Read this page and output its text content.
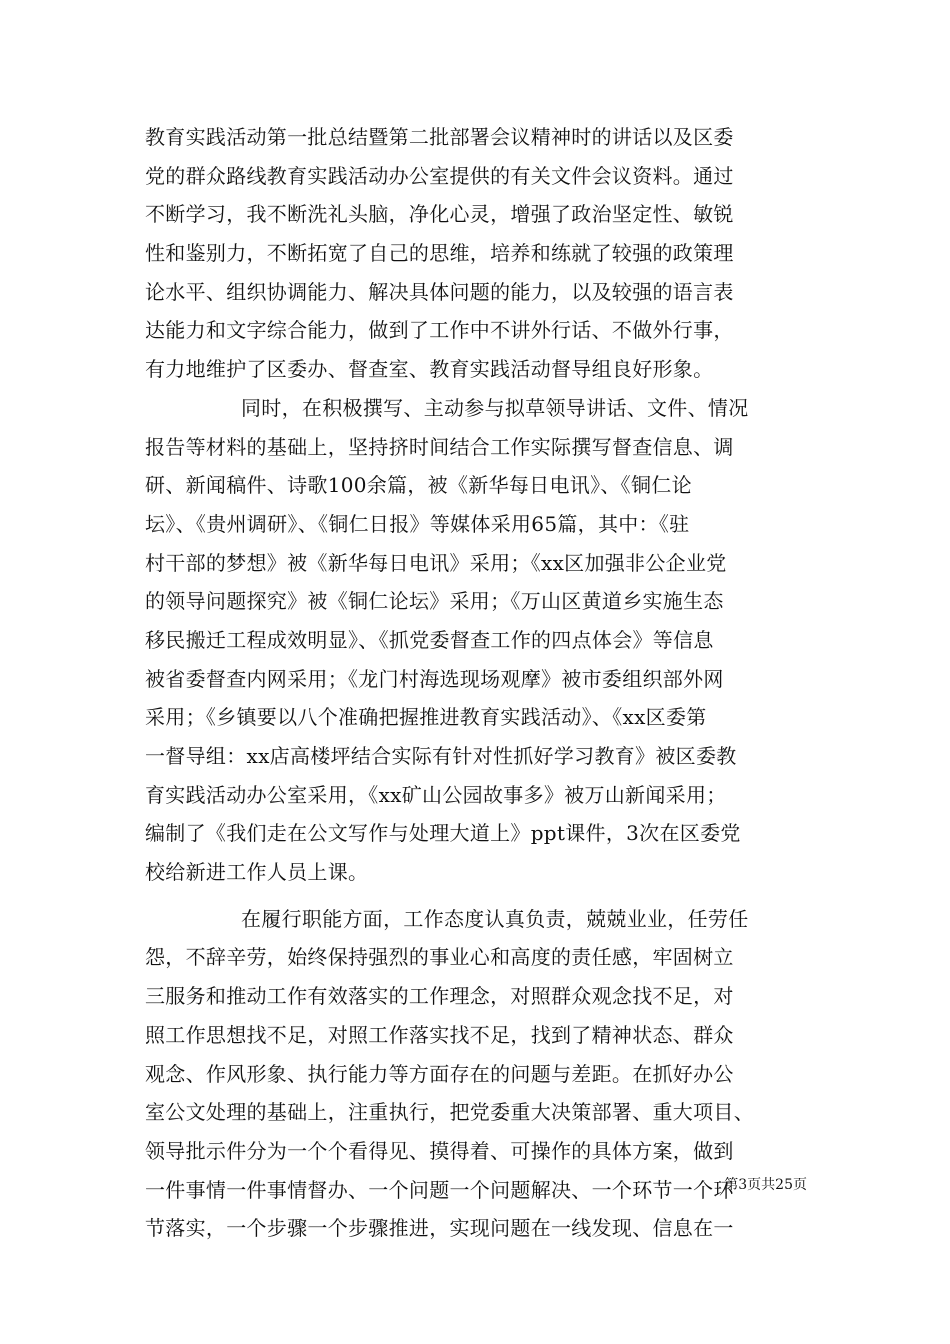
教育实践活动第一批总结暨第二批部署会议精神时的讲话以及区委
党的群众路线教育实践活动办公室提供的有关文件会议资料。通过
不断学习，我不断洗礼头脑，净化心灵，增强了政治坚定性、敏锐
性和鉴别力，不断拓宽了自己的思维，培养和练就了较强的政策理
论水平、组织协调能力、解决具体问题的能力，以及较强的语言表
达能力和文字综合能力，做到了工作中不讲外行话、不做外行事，
有力地维护了区委办、督查室、教育实践活动督导组良好形象。
同时，在积极撰写、主动参与拟草领导讲话、文件、情况
报告等材料的基础上，坚持挤时间结合工作实际撰写督查信息、调
研、新闻稿件、诗歌100余篇，被《新华每日电讯》、《铜仁论
坛》、《贵州调研》、《铜仁日报》等媒体采用65篇，其中：《驻
村干部的梦想》被《新华每日电讯》采用；《xx区加强非公企业党
的领导问题探究》被《铜仁论坛》采用；《万山区黄道乡实施生态
移民搬迁工程成效明显》、《抓党委督查工作的四点体会》等信息
被省委督查内网采用；《龙门村海选现场观摩》被市委组织部外网
采用；《乡镇要以八个准确把握推进教育实践活动》、《xx区委第
一督导组：xx店高楼坪结合实际有针对性抓好学习教育》被区委教
育实践活动办公室采用，《xx矿山公园故事多》被万山新闻采用；
编制了《我们走在公文写作与处理大道上》ppt课件，3次在区委党
校给新进工作人员上课。
在履行职能方面，工作态度认真负责，兢兢业业，任劳任
怨，不辞辛劳，始终保持强烈的事业心和高度的责任感，牢固树立
三服务和推动工作有效落实的工作理念，对照群众观念找不足，对
照工作思想找不足，对照工作落实找不足，找到了精神状态、群众
观念、作风形象、执行能力等方面存在的问题与差距。在抓好办公
室公文处理的基础上，注重执行，把党委重大决策部署、重大项目、
领导批示件分为一个个看得见、摸得着、可操作的具体方案，做到
一件事情一件事情督办、一个问题一个问题解决、一个环节一个环
节落实，一个步骤一个步骤推进，实现问题在一线发现、信息在一
第3页共25页
